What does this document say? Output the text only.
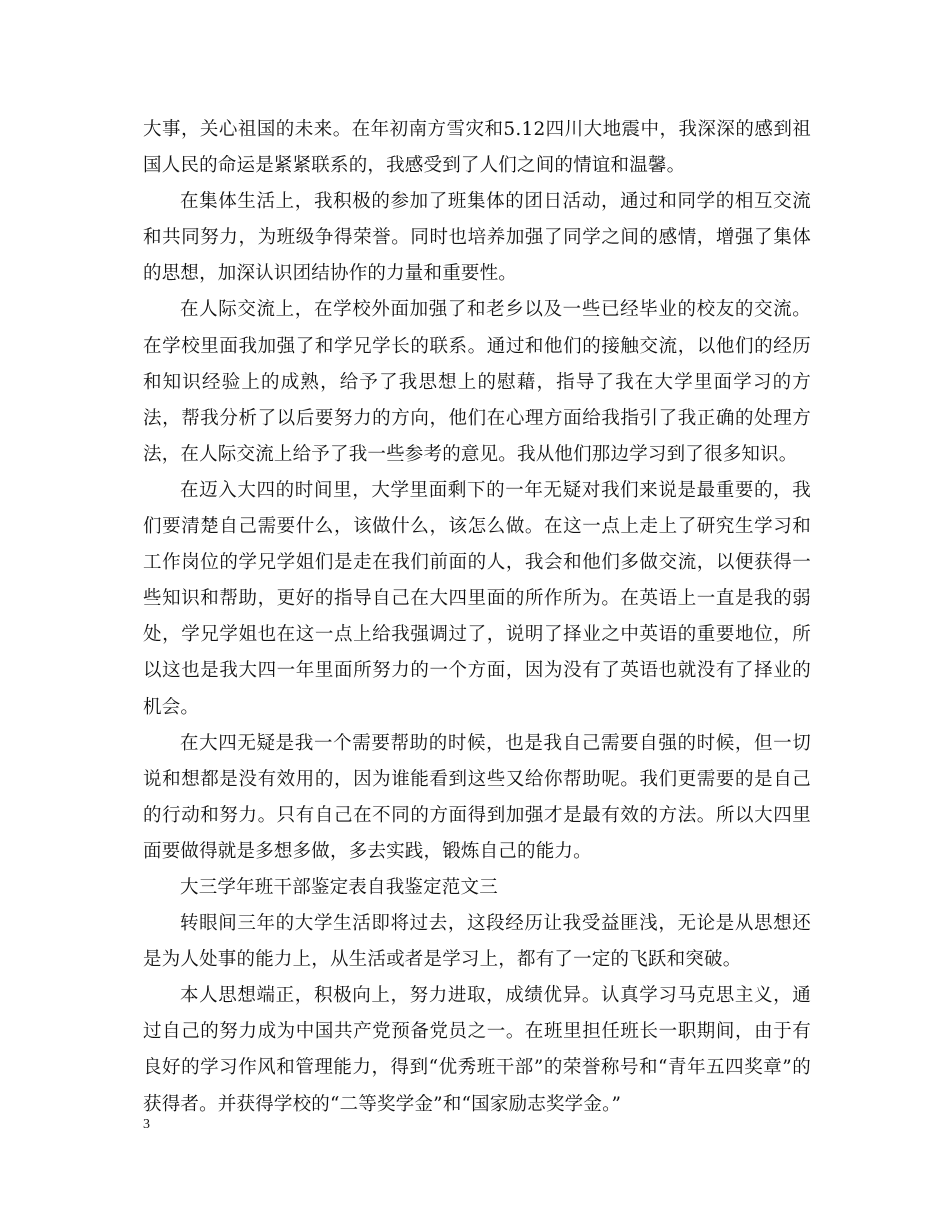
大事，关心祖国的未来。在年初南方雪灾和5.12四川大地震中，我深深的感到祖国人民的命运是紧紧联系的，我感受到了人们之间的情谊和温馨。

在集体生活上，我积极的参加了班集体的团日活动，通过和同学的相互交流和共同努力，为班级争得荣誉。同时也培养加强了同学之间的感情，增强了集体的思想，加深认识团结协作的力量和重要性。

在人际交流上，在学校外面加强了和老乡以及一些已经毕业的校友的交流。在学校里面我加强了和学兄学长的联系。通过和他们的接触交流，以他们的经历和知识经验上的成熟，给予了我思想上的慰藉，指导了我在大学里面学习的方法，帮我分析了以后要努力的方向，他们在心理方面给我指引了我正确的处理方法，在人际交流上给予了我一些参考的意见。我从他们那边学习到了很多知识。

在迈入大四的时间里，大学里面剩下的一年无疑对我们来说是最重要的，我们要清楚自己需要什么，该做什么，该怎么做。在这一点上走上了研究生学习和工作岗位的学兄学姐们是走在我们前面的人，我会和他们多做交流，以便获得一些知识和帮助，更好的指导自己在大四里面的所作所为。在英语上一直是我的弱处，学兄学姐也在这一点上给我强调过了，说明了择业之中英语的重要地位，所以这也是我大四一年里面所努力的一个方面，因为没有了英语也就没有了择业的机会。

在大四无疑是我一个需要帮助的时候，也是我自己需要自强的时候，但一切说和想都是没有效用的，因为谁能看到这些又给你帮助呢。我们更需要的是自己的行动和努力。只有自己在不同的方面得到加强才是最有效的方法。所以大四里面要做得就是多想多做，多去实践，锻炼自己的能力。

大三学年班干部鉴定表自我鉴定范文三

转眼间三年的大学生活即将过去，这段经历让我受益匪浅，无论是从思想还是为人处事的能力上，从生活或者是学习上，都有了一定的飞跃和突破。

本人思想端正，积极向上，努力进取，成绩优异。认真学习马克思主义，通过自己的努力成为中国共产党预备党员之一。在班里担任班长一职期间，由于有良好的学习作风和管理能力，得到“优秀班干部”的荣誉称号和“青年五四奖章”的获得者。并获得学校的“二等奖学金”和“国家励志奖学金。”

3
